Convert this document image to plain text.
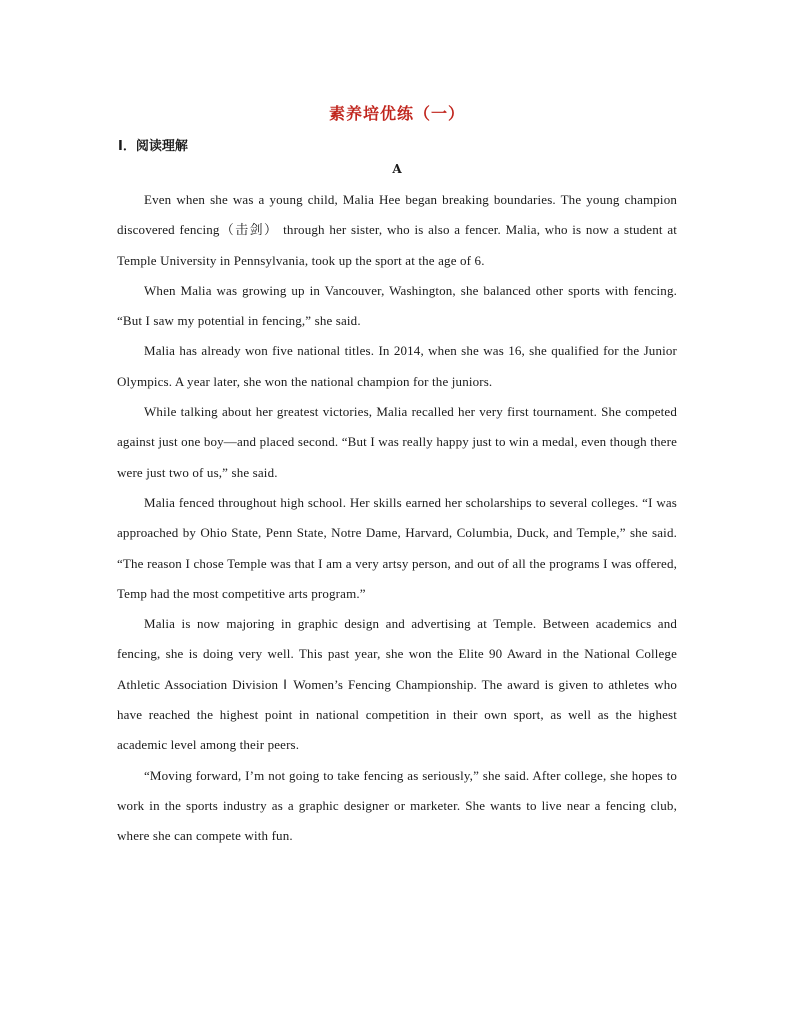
素养培优练（一）
Ⅰ．阅读理解
A

Even when she was a young child, Malia Hee began breaking boundaries. The young champion discovered fencing（击剑） through her sister, who is also a fencer. Malia, who is now a student at Temple University in Pennsylvania, took up the sport at the age of 6.

When Malia was growing up in Vancouver, Washington, she balanced other sports with fencing. “But I saw my potential in fencing,” she said.

Malia has already won five national titles. In 2014, when she was 16, she qualified for the Junior Olympics. A year later, she won the national champion for the juniors.

While talking about her greatest victories, Malia recalled her very first tournament. She competed against just one boy—and placed second. “But I was really happy just to win a medal, even though there were just two of us,” she said.

Malia fenced throughout high school. Her skills earned her scholarships to several colleges. “I was approached by Ohio State, Penn State, Notre Dame, Harvard, Columbia, Duck, and Temple,” she said. “The reason I chose Temple was that I am a very artsy person, and out of all the programs I was offered, Temp had the most competitive arts program.”

Malia is now majoring in graphic design and advertising at Temple. Between academics and fencing, she is doing very well. This past year, she won the Elite 90 Award in the National College Athletic Association Division Ⅰ Women’s Fencing Championship. The award is given to athletes who have reached the highest point in national competition in their own sport, as well as the highest academic level among their peers.

“Moving forward, I’m not going to take fencing as seriously,” she said. After college, she hopes to work in the sports industry as a graphic designer or marketer. She wants to live near a fencing club, where she can compete with fun.
